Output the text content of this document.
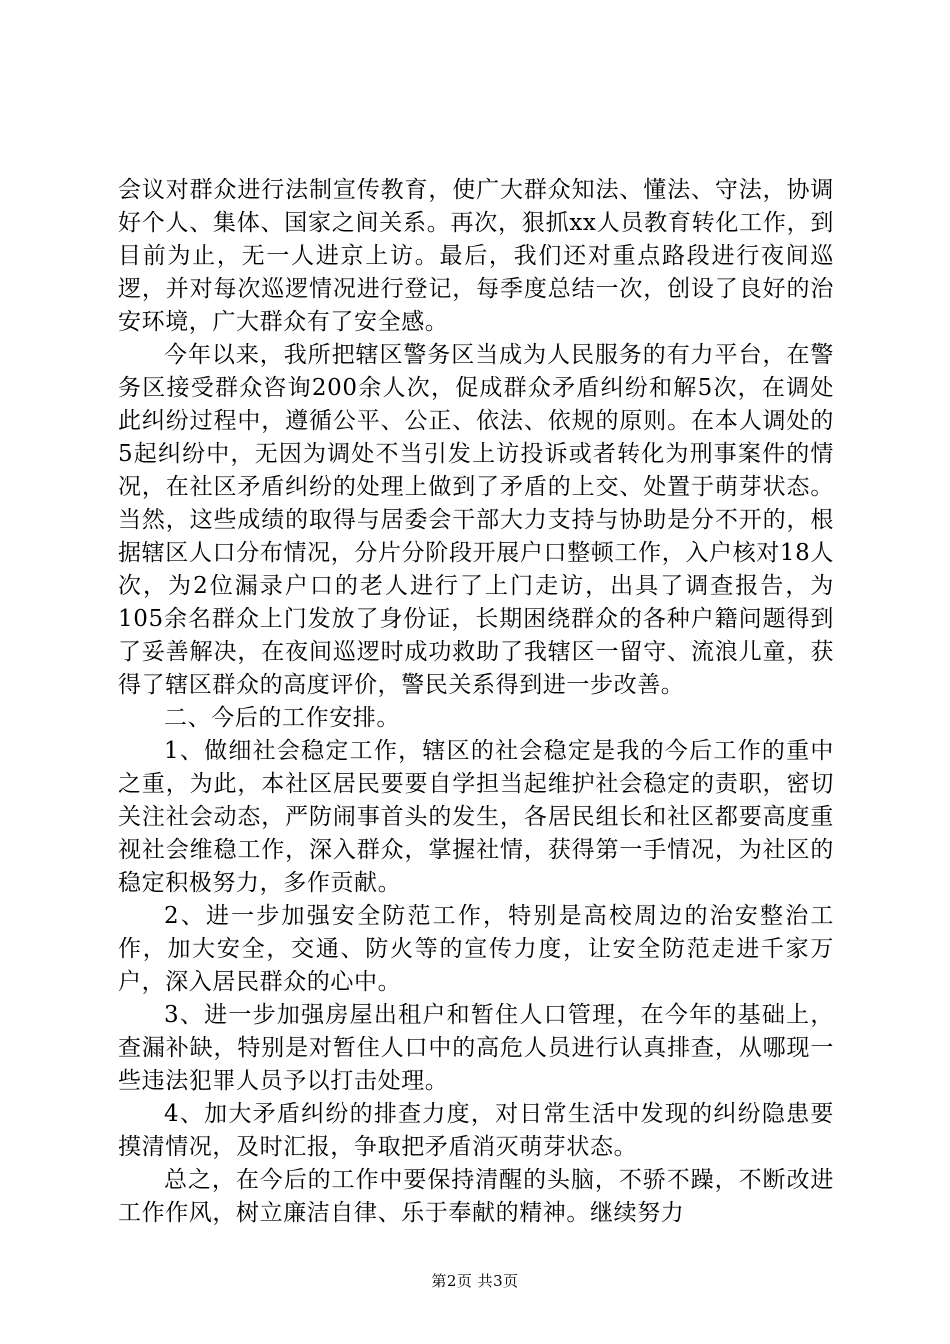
会议对群众进行法制宣传教育，使广大群众知法、懂法、守法，协调好个人、集体、国家之间关系。再次，狠抓xx人员教育转化工作，到目前为止，无一人进京上访。最后，我们还对重点路段进行夜间巡逻，并对每次巡逻情况进行登记，每季度总结一次，创设了良好的治安环境，广大群众有了安全感。

今年以来，我所把辖区警务区当成为人民服务的有力平台，在警务区接受群众咨询200余人次，促成群众矛盾纠纷和解5次，在调处此纠纷过程中，遵循公平、公正、依法、依规的原则。在本人调处的5起纠纷中，无因为调处不当引发上访投诉或者转化为刑事案件的情况，在社区矛盾纠纷的处理上做到了矛盾的上交、处置于萌芽状态。当然，这些成绩的取得与居委会干部大力支持与协助是分不开的，根据辖区人口分布情况，分片分阶段开展户口整顿工作，入户核对18人次，为2位漏录户口的老人进行了上门走访，出具了调查报告，为105余名群众上门发放了身份证，长期困绕群众的各种户籍问题得到了妥善解决，在夜间巡逻时成功救助了我辖区一留守、流浪儿童，获得了辖区群众的高度评价，警民关系得到进一步改善。

二、今后的工作安排。

1、做细社会稳定工作，辖区的社会稳定是我的今后工作的重中之重，为此，本社区居民要要自学担当起维护社会稳定的责职，密切关注社会动态，严防闹事首头的发生，各居民组长和社区都要高度重视社会维稳工作，深入群众，掌握社情，获得第一手情况，为社区的稳定积极努力，多作贡献。

2、进一步加强安全防范工作，特别是高校周边的治安整治工作，加大安全，交通、防火等的宣传力度，让安全防范走进千家万户，深入居民群众的心中。

3、进一步加强房屋出租户和暂住人口管理，在今年的基础上，查漏补缺，特别是对暂住人口中的高危人员进行认真排查，从哪现一些违法犯罪人员予以打击处理。

4、加大矛盾纠纷的排查力度，对日常生活中发现的纠纷隐患要摸清情况，及时汇报，争取把矛盾消灭萌芽状态。

总之，在今后的工作中要保持清醒的头脑，不骄不躁，不断改进工作作风，树立廉洁自律、乐于奉献的精神。继续努力

第2页 共3页
